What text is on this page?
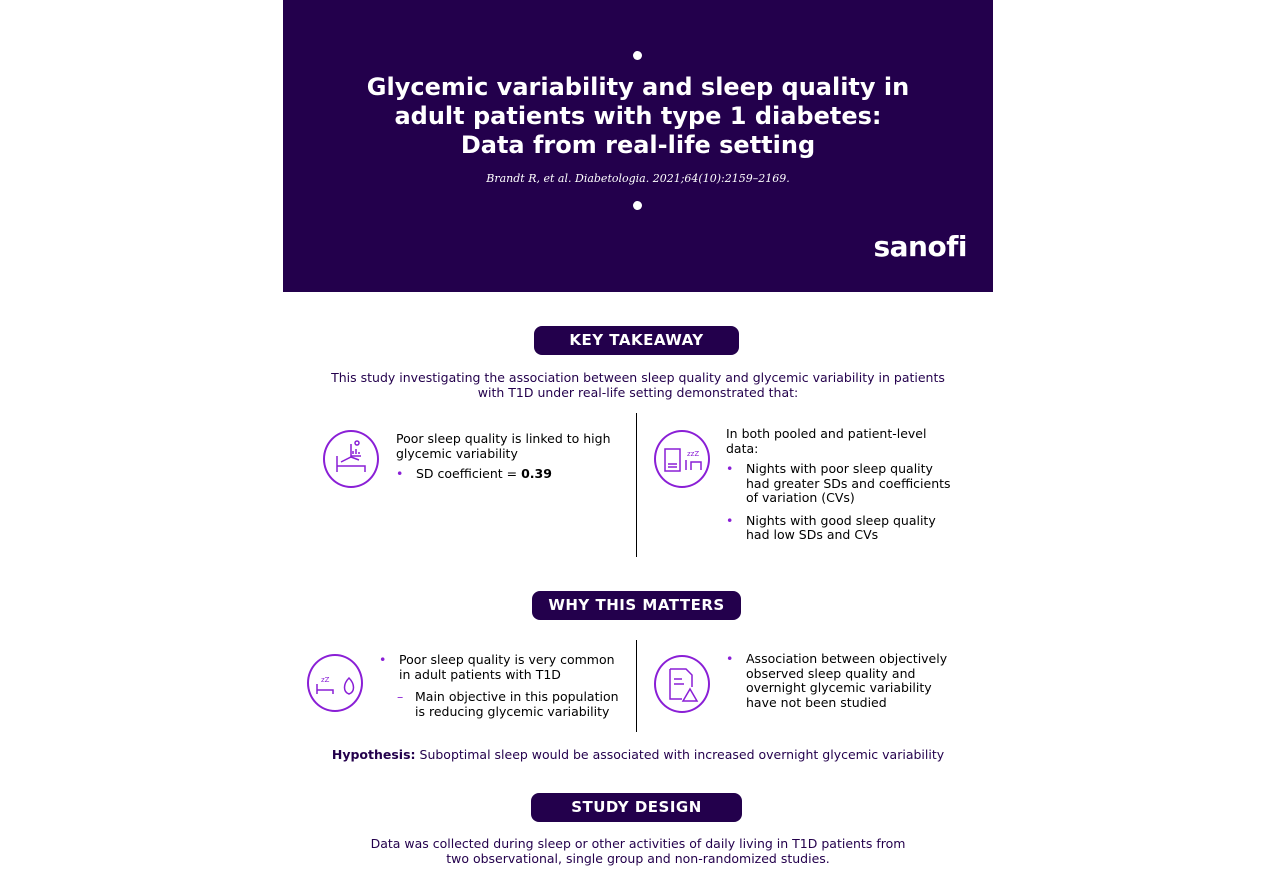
Glycemic variability and sleep quality in adult patients with type 1 diabetes: Data from real-life setting
Brandt R, et al. Diabetologia. 2021;64(10):2159–2169.
sanofi
KEY TAKEAWAY
This study investigating the association between sleep quality and glycemic variability in patients with T1D under real-life setting demonstrated that:
Poor sleep quality is linked to high glycemic variability
• SD coefficient = 0.39
zzZ
In both pooled and patient-level data:
• Nights with poor sleep quality had greater SDs and coefficients of variation (CVs)
• Nights with good sleep quality had low SDs and CVs
WHY THIS MATTERS
zZ
• Poor sleep quality is very common in adult patients with T1D
– Main objective in this population is reducing glycemic variability
• Association between objectively observed sleep quality and overnight glycemic variability have not been studied
Hypothesis: Suboptimal sleep would be associated with increased overnight glycemic variability
STUDY DESIGN
Data was collected during sleep or other activities of daily living in T1D patients from two observational, single group and non-randomized studies.
